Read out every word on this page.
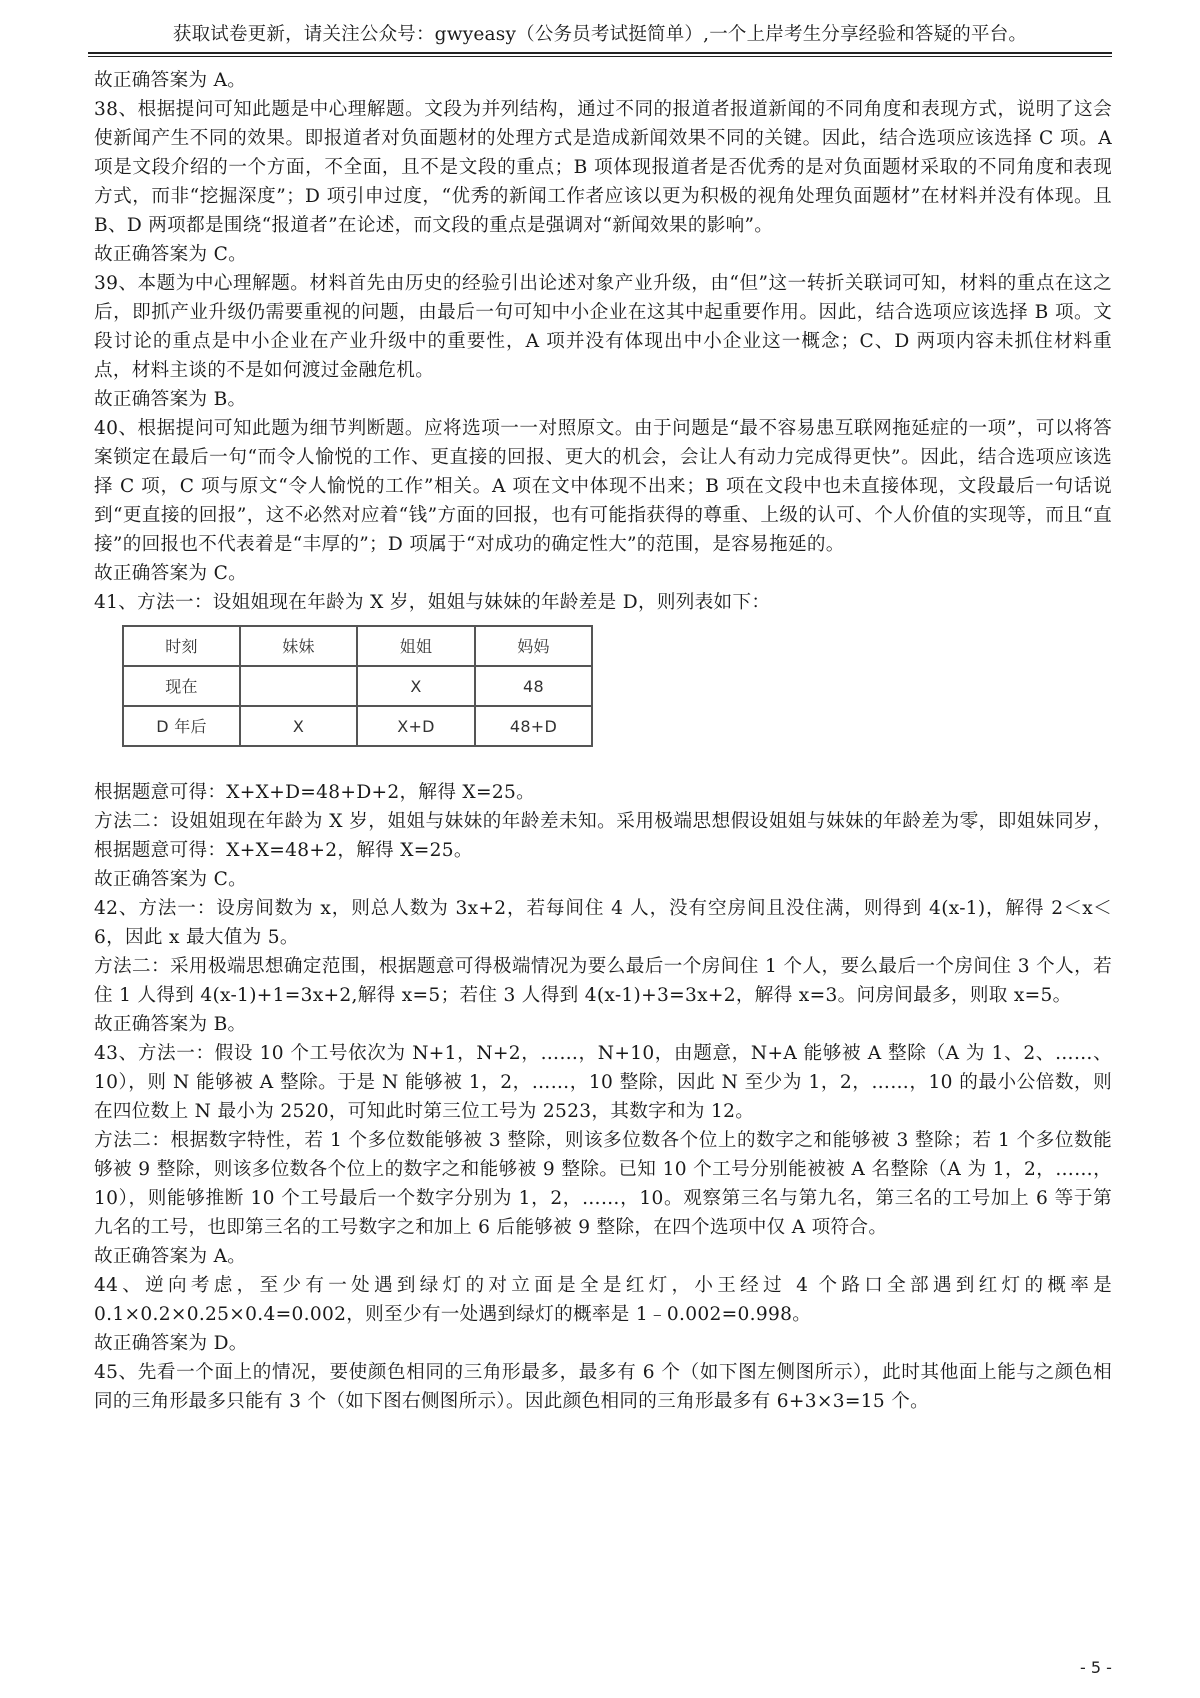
获取试卷更新，请关注公众号：gwyeasy（公务员考试挺简单）,一个上岸考生分享经验和答疑的平台。

故正确答案为 A。

38、根据提问可知此题是中心理解题。文段为并列结构，通过不同的报道者报道新闻的不同角度和表现方式，说明了这会使新闻产生不同的效果。即报道者对负面题材的处理方式是造成新闻效果不同的关键。因此，结合选项应该选择 C 项。A 项是文段介绍的一个方面，不全面，且不是文段的重点；B 项体现报道者是否优秀的是对负面题材采取的不同角度和表现方式，而非“挖掘深度”；D 项引申过度，“优秀的新闻工作者应该以更为积极的视角处理负面题材”在材料并没有体现。且 B、D 两项都是围绕“报道者”在论述，而文段的重点是强调对“新闻效果的影响”。

故正确答案为 C。

39、本题为中心理解题。材料首先由历史的经验引出论述对象产业升级，由“但”这一转折关联词可知，材料的重点在这之后，即抓产业升级仍需要重视的问题，由最后一句可知中小企业在这其中起重要作用。因此，结合选项应该选择 B 项。文段讨论的重点是中小企业在产业升级中的重要性，A 项并没有体现出中小企业这一概念；C、D 两项内容未抓住材料重点，材料主谈的不是如何渡过金融危机。

故正确答案为 B。

40、根据提问可知此题为细节判断题。应将选项一一对照原文。由于问题是“最不容易患互联网拖延症的一项”，可以将答案锁定在最后一句“而令人愉悦的工作、更直接的回报、更大的机会，会让人有动力完成得更快”。因此，结合选项应该选择 C 项，C 项与原文“令人愉悦的工作”相关。A 项在文中体现不出来；B 项在文段中也未直接体现，文段最后一句话说到“更直接的回报”，这不必然对应着“钱”方面的回报，也有可能指获得的尊重、上级的认可、个人价值的实现等，而且“直接”的回报也不代表着是“丰厚的”；D 项属于“对成功的确定性大”的范围，是容易拖延的。

故正确答案为 C。

41、方法一：设姐姐现在年龄为 X 岁，姐姐与妹妹的年龄差是 D，则列表如下：

时刻	妹妹	姐姐	妈妈
现在		X	48
D 年后	X	X+D	48+D

根据题意可得：X+X+D=48+D+2，解得 X=25。

方法二：设姐姐现在年龄为 X 岁，姐姐与妹妹的年龄差未知。采用极端思想假设姐姐与妹妹的年龄差为零，即姐妹同岁，根据题意可得：X+X=48+2，解得 X=25。

故正确答案为 C。

42、方法一：设房间数为 x，则总人数为 3x+2，若每间住 4 人，没有空房间且没住满，则得到 4(x-1)，解得 2＜x＜6，因此 x 最大值为 5。

方法二：采用极端思想确定范围，根据题意可得极端情况为要么最后一个房间住 1 个人，要么最后一个房间住 3 个人，若住 1 人得到 4(x-1)+1=3x+2,解得 x=5；若住 3 人得到 4(x-1)+3=3x+2，解得 x=3。问房间最多，则取 x=5。

故正确答案为 B。

43、方法一：假设 10 个工号依次为 N+1，N+2，……，N+10，由题意，N+A 能够被 A 整除（A 为 1、2、……、10），则 N 能够被 A 整除。于是 N 能够被 1，2，……，10 整除，因此 N 至少为 1，2，……，10 的最小公倍数，则在四位数上 N 最小为 2520，可知此时第三位工号为 2523，其数字和为 12。

方法二：根据数字特性，若 1 个多位数能够被 3 整除，则该多位数各个位上的数字之和能够被 3 整除；若 1 个多位数能够被 9 整除，则该多位数各个位上的数字之和能够被 9 整除。已知 10 个工号分别能被被 A 名整除（A 为 1，2，……，10），则能够推断 10 个工号最后一个数字分别为 1，2，……，10。观察第三名与第九名，第三名的工号加上 6 等于第九名的工号，也即第三名的工号数字之和加上 6 后能够被 9 整除，在四个选项中仅 A 项符合。

故正确答案为 A。

44、逆向考虑，至少有一处遇到绿灯的对立面是全是红灯，小王经过 4 个路口全部遇到红灯的概率是 0.1×0.2×0.25×0.4=0.002，则至少有一处遇到绿灯的概率是 1﹣0.002=0.998。

故正确答案为 D。

45、先看一个面上的情况，要使颜色相同的三角形最多，最多有 6 个（如下图左侧图所示），此时其他面上能与之颜色相同的三角形最多只能有 3 个（如下图右侧图所示）。因此颜色相同的三角形最多有 6+3×3=15 个。

- 5 -
